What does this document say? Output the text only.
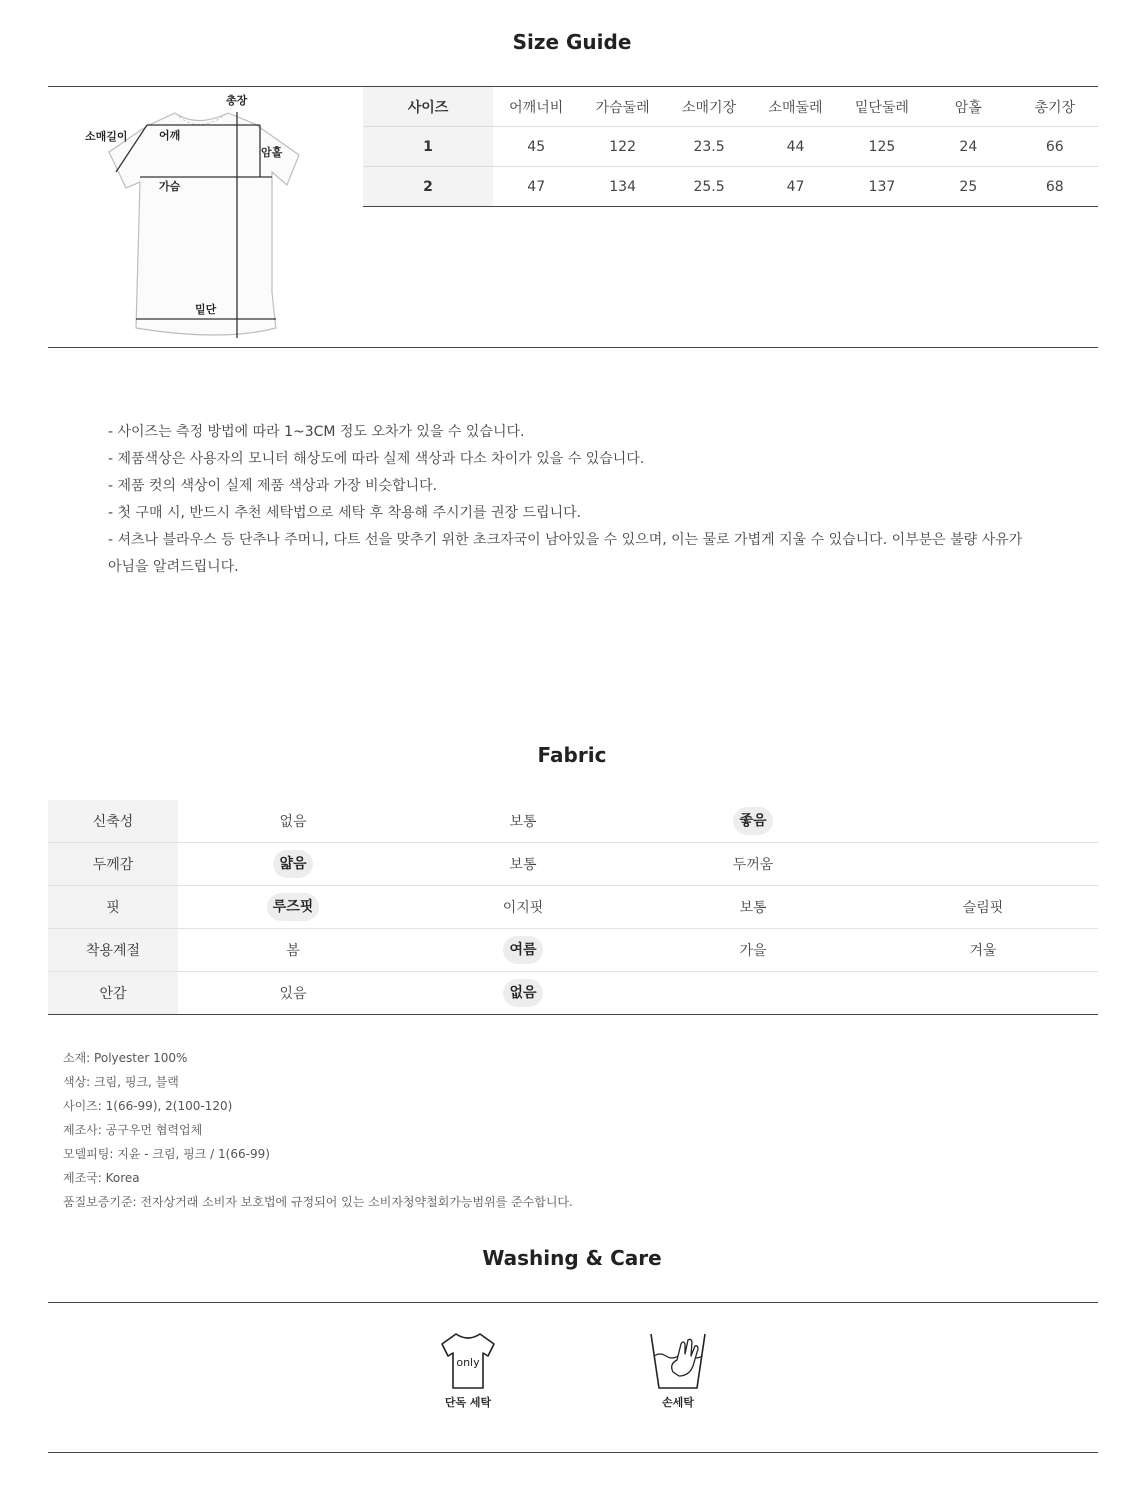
Size Guide
총장
소매길이	어깨
암홀
가슴
밑단
사이즈	어깨너비	가슴둘레	소매기장	소매둘레	밑단둘레	암홀	총기장
1	45	122	23.5	44	125	24	66
2	47	134	25.5	47	137	25	68

- 사이즈는 측정 방법에 따라 1~3CM 정도 오차가 있을 수 있습니다.

- 제품색상은 사용자의 모니터 해상도에 따라 실제 색상과 다소 차이가 있을 수 있습니다.

- 제품 컷의 색상이 실제 제품 색상과 가장 비슷합니다.

- 첫 구매 시, 반드시 추천 세탁법으로 세탁 후 착용해 주시기를 권장 드립니다.

- 셔츠나 블라우스 등 단추나 주머니, 다트 선을 맞추기 위한 초크자국이 남아있을 수 있으며, 이는 물로 가볍게 지울 수 있습니다. 이부분은 불량 사유가

아님을 알려드립니다.

Fabric
신축성	없음	보통	좋음	
두께감	얇음	보통	두꺼움	
핏	루즈핏	이지핏	보통	슬림핏
착용계절	봄	여름	가을	겨울
안감	있음	없음		

소재: Polyester 100%

색상: 크림, 핑크, 블랙

사이즈: 1(66-99), 2(100-120)

제조사: 공구우먼 협력업체

모델피팅: 지윤 - 크림, 핑크 / 1(66-99)

제조국: Korea

품질보증기준: 전자상거래 소비자 보호법에 규정되어 있는 소비자청약철회가능범위를 준수합니다.

Washing & Care
only
단독 세탁	손세탁
